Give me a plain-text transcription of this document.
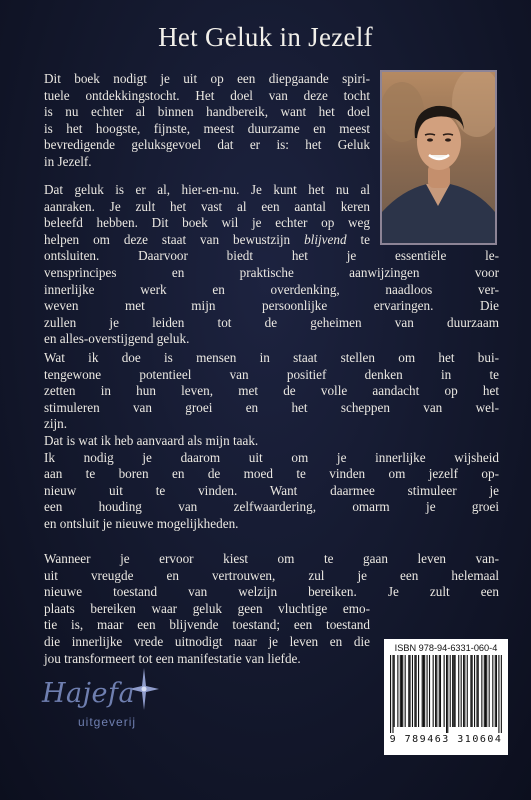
Het Geluk in Jezelf
Dit boek nodigt je uit op een diepgaande spiri-
tuele ontdekkingstocht. Het doel van deze tocht
is nu echter al binnen handbereik, want het doel
is het hoogste, fijnste, meest duurzame en meest
bevredigende geluksgevoel dat er is: het Geluk
in Jezelf.
Dat geluk is er al, hier-en-nu. Je kunt het nu al
aanraken. Je zult het vast al een aantal keren
beleefd hebben. Dit boek wil je echter op weg
helpen om deze staat van bewustzijn blijvend te
ontsluiten. Daarvoor biedt het je essentiële le-
vensprincipes en praktische aanwijzingen voor
innerlijke werk en overdenking, naadloos ver-
weven met mijn persoonlijke ervaringen. Die
zullen je leiden tot de geheimen van duurzaam
en alles-overstijgend geluk.
Wat ik doe is mensen in staat stellen om het bui-
tengewone potentieel van positief denken in te
zetten in hun leven, met de volle aandacht op het
stimuleren van groei en het scheppen van wel-
zijn.
Dat is wat ik heb aanvaard als mijn taak.
Ik nodig je daarom uit om je innerlijke wijsheid
aan te boren en de moed te vinden om jezelf op-
nieuw uit te vinden. Want daarmee stimuleer je
een houding van zelfwaardering, omarm je groei
en ontsluit je nieuwe mogelijkheden.
Wanneer je ervoor kiest om te gaan leven van-
uit vreugde en vertrouwen, zul je een helemaal
nieuwe toestand van welzijn bereiken. Je zult een
plaats bereiken waar geluk geen vluchtige emo-
tie is, maar een blijvende toestand; een toestand
die innerlijke vrede uitnodigt naar je leven en die
jou transformeert tot een manifestatie van liefde.
Hajefa
uitgeverij
ISBN 978-94-6331-060-4
9 789463 310604
